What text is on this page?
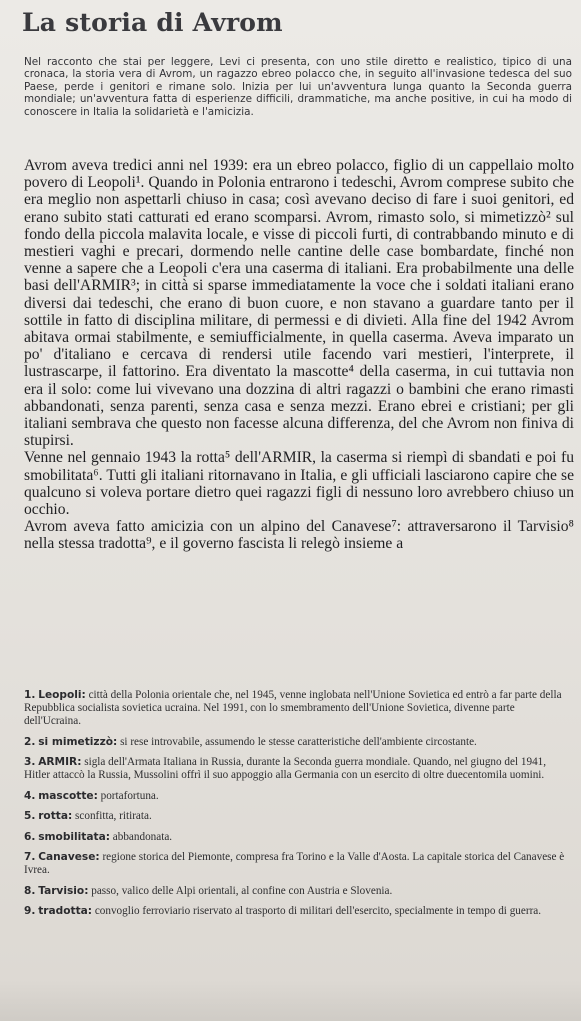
La storia di Avrom
Nel racconto che stai per leggere, Levi ci presenta, con uno stile diretto e realistico, tipico di una cronaca, la storia vera di Avrom, un ragazzo ebreo polacco che, in seguito all'invasione tedesca del suo Paese, perde i genitori e rimane solo. Inizia per lui un'avventura lunga quanto la Seconda guerra mondiale; un'avventura fatta di esperienze difficili, drammatiche, ma anche positive, in cui ha modo di conoscere in Italia la solidarietà e l'amicizia.

Avrom aveva tredici anni nel 1939: era un ebreo polacco, figlio di un cappellaio molto povero di Leopoli¹. Quando in Polonia entrarono i tedeschi, Avrom comprese subito che era meglio non aspettarli chiuso in casa; così avevano deciso di fare i suoi genitori, ed erano subito stati catturati ed erano scomparsi. Avrom, rimasto solo, si mimetizzò² sul fondo della piccola malavita locale, e visse di piccoli furti, di contrabbando minuto e di mestieri vaghi e precari, dormendo nelle cantine delle case bombardate, finché non venne a sapere che a Leopoli c'era una caserma di italiani. Era probabilmente una delle basi dell'ARMIR³; in città si sparse immediatamente la voce che i soldati italiani erano diversi dai tedeschi, che erano di buon cuore, e non stavano a guardare tanto per il sottile in fatto di disciplina militare, di permessi e di divieti. Alla fine del 1942 Avrom abitava ormai stabilmente, e semiufficialmente, in quella caserma. Aveva imparato un po' d'italiano e cercava di rendersi utile facendo vari mestieri, l'interprete, il lustrascarpe, il fattorino. Era diventato la mascotte⁴ della caserma, in cui tuttavia non era il solo: come lui vivevano una dozzina di altri ragazzi o bambini che erano rimasti abbandonati, senza parenti, senza casa e senza mezzi. Erano ebrei e cristiani; per gli italiani sembrava che questo non facesse alcuna differenza, del che Avrom non finiva di stupirsi.

Venne nel gennaio 1943 la rotta⁵ dell'ARMIR, la caserma si riempì di sbandati e poi fu smobilitata⁶. Tutti gli italiani ritornavano in Italia, e gli ufficiali lasciarono capire che se qualcuno si voleva portare dietro quei ragazzi figli di nessuno loro avrebbero chiuso un occhio.

Avrom aveva fatto amicizia con un alpino del Canavese⁷: attraversarono il Tarvisio⁸ nella stessa tradotta⁹, e il governo fascista li relegò insieme a

1. Leopoli: città della Polonia orientale che, nel 1945, venne inglobata nell'Unione Sovietica ed entrò a far parte della Repubblica socialista sovietica ucraina. Nel 1991, con lo smembramento dell'Unione Sovietica, divenne parte dell'Ucraina.
2. si mimetizzò: si rese introvabile, assumendo le stesse caratteristiche dell'ambiente circostante.
3. ARMIR: sigla dell'Armata Italiana in Russia, durante la Seconda guerra mondiale. Quando, nel giugno del 1941, Hitler attaccò la Russia, Mussolini offrì il suo appoggio alla Germania con un esercito di oltre duecentomila uomini.
4. mascotte: portafortuna.
5. rotta: sconfitta, ritirata.
6. smobilitata: abbandonata.
7. Canavese: regione storica del Piemonte, compresa fra Torino e la Valle d'Aosta. La capitale storica del Canavese è Ivrea.
8. Tarvisio: passo, valico delle Alpi orientali, al confine con Austria e Slovenia.
9. tradotta: convoglio ferroviario riservato al trasporto di militari dell'esercito, specialmente in tempo di guerra.
